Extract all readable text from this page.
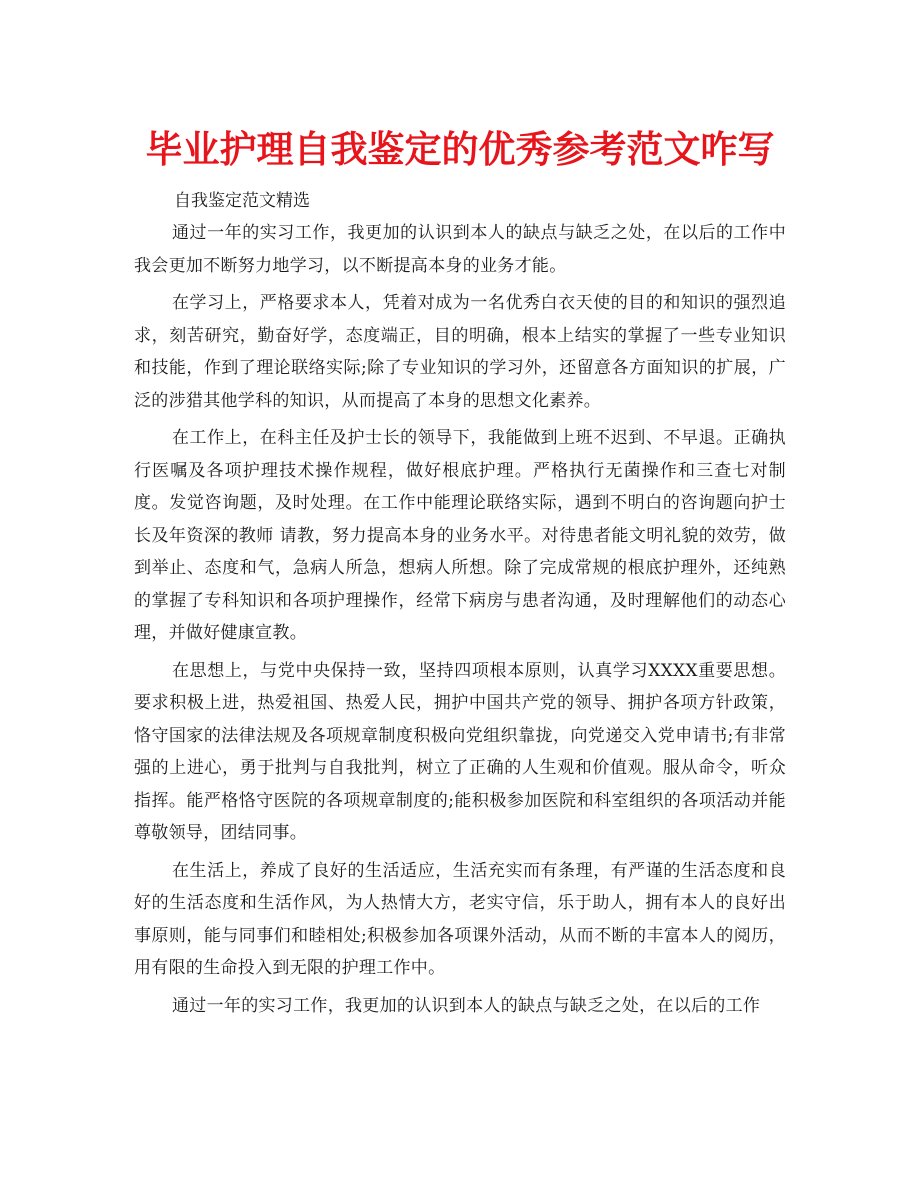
毕业护理自我鉴定的优秀参考范文咋写

自我鉴定范文精选

通过一年的实习工作，我更加的认识到本人的缺点与缺乏之处，在以后的工作中我会更加不断努力地学习，以不断提高本身的业务才能。

在学习上，严格要求本人，凭着对成为一名优秀白衣天使的目的和知识的强烈追求，刻苦研究，勤奋好学，态度端正，目的明确，根本上结实的掌握了一些专业知识和技能，作到了理论联络实际;除了专业知识的学习外，还留意各方面知识的扩展，广泛的涉猎其他学科的知识，从而提高了本身的思想文化素养。

在工作上，在科主任及护士长的领导下，我能做到上班不迟到、不早退。正确执行医嘱及各项护理技术操作规程，做好根底护理。严格执行无菌操作和三查七对制度。发觉咨询题，及时处理。在工作中能理论联络实际，遇到不明白的咨询题向护士长及年资深的教师 请教，努力提高本身的业务水平。对待患者能文明礼貌的效劳，做到举止、态度和气，急病人所急，想病人所想。除了完成常规的根底护理外，还纯熟的掌握了专科知识和各项护理操作，经常下病房与患者沟通，及时理解他们的动态心理，并做好健康宣教。

在思想上，与党中央保持一致，坚持四项根本原则，认真学习XXXX重要思想。要求积极上进，热爱祖国、热爱人民，拥护中国共产党的领导、拥护各项方针政策，恪守国家的法律法规及各项规章制度积极向党组织靠拢，向党递交入党申请书;有非常强的上进心，勇于批判与自我批判，树立了正确的人生观和价值观。服从命令，听众指挥。能严格恪守医院的各项规章制度的;能积极参加医院和科室组织的各项活动并能尊敬领导，团结同事。

在生活上，养成了良好的生活适应，生活充实而有条理，有严谨的生活态度和良好的生活态度和生活作风，为人热情大方，老实守信，乐于助人，拥有本人的良好出事原则，能与同事们和睦相处;积极参加各项课外活动，从而不断的丰富本人的阅历，用有限的生命投入到无限的护理工作中。

通过一年的实习工作，我更加的认识到本人的缺点与缺乏之处，在以后的工作
